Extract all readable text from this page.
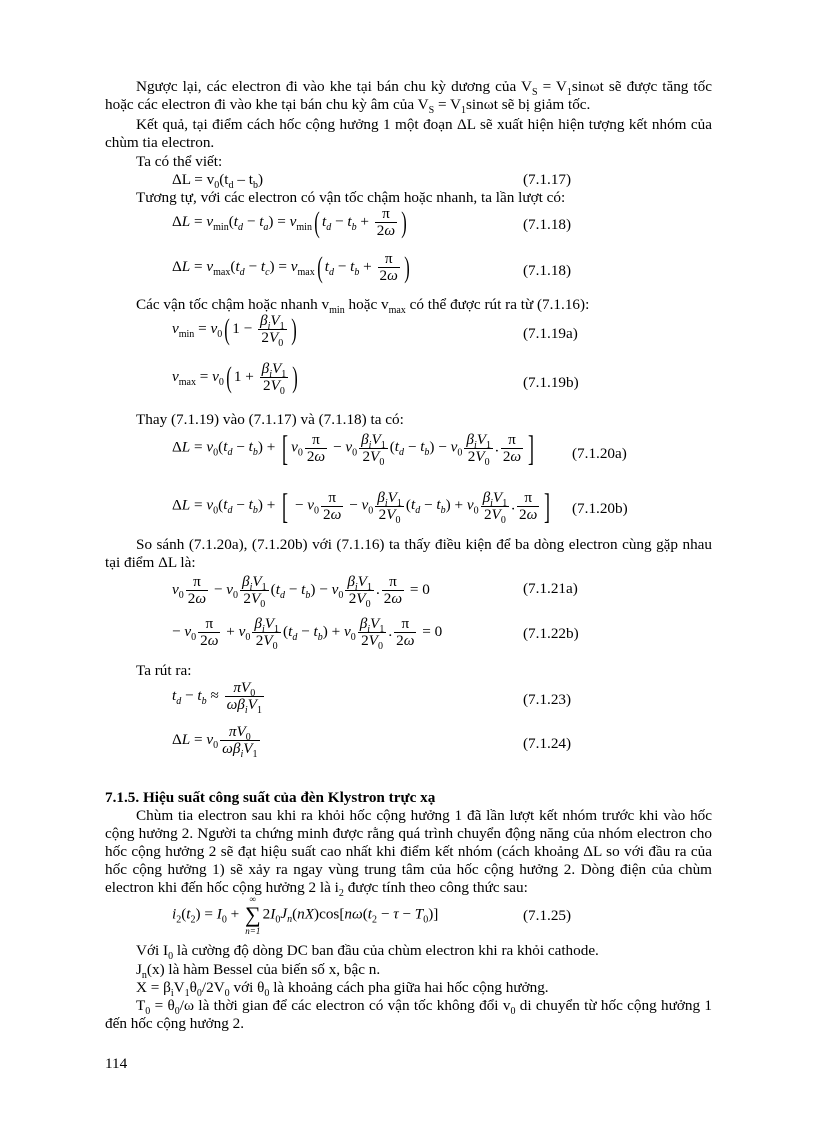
Ngược lại, các electron đi vào khe tại bán chu kỳ dương của $V_S = V_1\sin\omega t$ sẽ được tăng tốc hoặc các electron đi vào khe tại bán chu kỳ âm của $V_S = V_1\sin\omega t$ sẽ bị giảm tốc.

Kết quả, tại điểm cách hốc cộng hưởng 1 một đoạn ΔL sẽ xuất hiện hiện tượng kết nhóm của chùm tia electron.

Ta có thể viết:

$\Delta L = v_0(t_d - t_b)$	(7.1.17)

Tương tự, với các electron có vận tốc chậm hoặc nhanh, ta lần lượt có:

$\Delta L = v_{min}(t_d - t_a) = v_{min}$( $t_d - t_b + \frac{\pi}{2\omega}$ )	(7.1.18)
$\Delta L = v_{max}(t_d - t_c) = v_{max}$( $t_d - t_b + \frac{\pi}{2\omega}$ )	(7.1.18)

Các vận tốc chậm hoặc nhanh $v_{min}$ hoặc $v_{max}$ có thể được rút ra từ (7.1.16):

$v_{min} = v_0$( $1 - \beta_iV_1$
$2V_0$ )	(7.1.19a)
$v_{max} = v_0$( $1 + \beta_iV_1$
$2V_0$ )	(7.1.19b)

Thay (7.1.19) vào (7.1.17) và (7.1.18) ta có:

$\Delta L = v_0(t_d - t_b)$ + [ $v_0 \frac{\pi}{2\omega} - v_0$
$\beta_iV_1$
$2V_0$
$(t_d - t_b) - v_0$
$\beta_iV_1$
$2V_0$
. $\frac{\pi}{2\omega}$ ] (7.1.20a)
$\Delta L = v_0(t_d - t_b)$ + [ − $v_0 \frac{\pi}{2\omega} - v_0$
$\beta_iV_1$
$2V_0$
$(t_d - t_b) + v_0$
$\beta_iV_1$
$2V_0$
. $\frac{\pi}{2\omega}$ ] (7.1.20b)

So sánh (7.1.20a), (7.1.20b) với (7.1.16) ta thấy điều kiện để ba dòng electron cùng gặp nhau tại điểm ΔL là:

$v_0 \frac{\pi}{2\omega} - v_0$
$\beta_iV_1$
$2V_0$
$(t_d - t_b) - v_0$
$\beta_iV_1$
$2V_0$
. $\frac{\pi}{2\omega} = 0$	(7.1.21a)
− $v_0 \frac{\pi}{2\omega} + v_0$
$\beta_iV_1$
$2V_0$
$(t_d - t_b) + v_0$
$\beta_iV_1$
$2V_0$
. $\frac{\pi}{2\omega} = 0$	(7.1.22b)

Ta rút ra:

$t_d - t_b \approx \pi V_0$
$\omega\beta_iV_1$
(7.1.23)
$\Delta L = v_0$
$\pi V_0$
$\omega\beta_iV_1$
(7.1.24)
7.1.5. Hiệu suất công suất của đèn Klystron trực xạ

Chùm tia electron sau khi ra khỏi hốc cộng hưởng 1 đã lần lượt kết nhóm trước khi vào hốc cộng hưởng 2. Người ta chứng minh được rằng quá trình chuyển động năng của nhóm electron cho hốc cộng hưởng 2 sẽ đạt hiệu suất cao nhất khi điểm kết nhóm (cách khoảng ΔL so với đầu ra của hốc cộng hưởng 1) sẽ xảy ra ngay vùng trung tâm của hốc cộng hưởng 2. Dòng điện của chùm electron khi đến hốc cộng hưởng 2 là $i_2$ được tính theo công thức sau:

$i_2(t_2) = I_0$ +
∞
∑
n=1
$2I_0J_n(nX)\cos[n\omega(t_2 - \tau - T_0)]$	(7.1.25)

Với $I_0$ là cường độ dòng DC ban đầu của chùm electron khi ra khỏi cathode.

$J_n(x)$ là hàm Bessel của biến số x, bậc n.

$X = \beta_iV_1\theta_0/2V_0$ với $\theta_0$ là khoảng cách pha giữa hai hốc cộng hưởng.

$T_0 = \theta_0/\omega$ là thời gian để các electron có vận tốc không đổi $v_0$ di chuyển từ hốc cộng hưởng 1 đến hốc cộng hưởng 2.

114
